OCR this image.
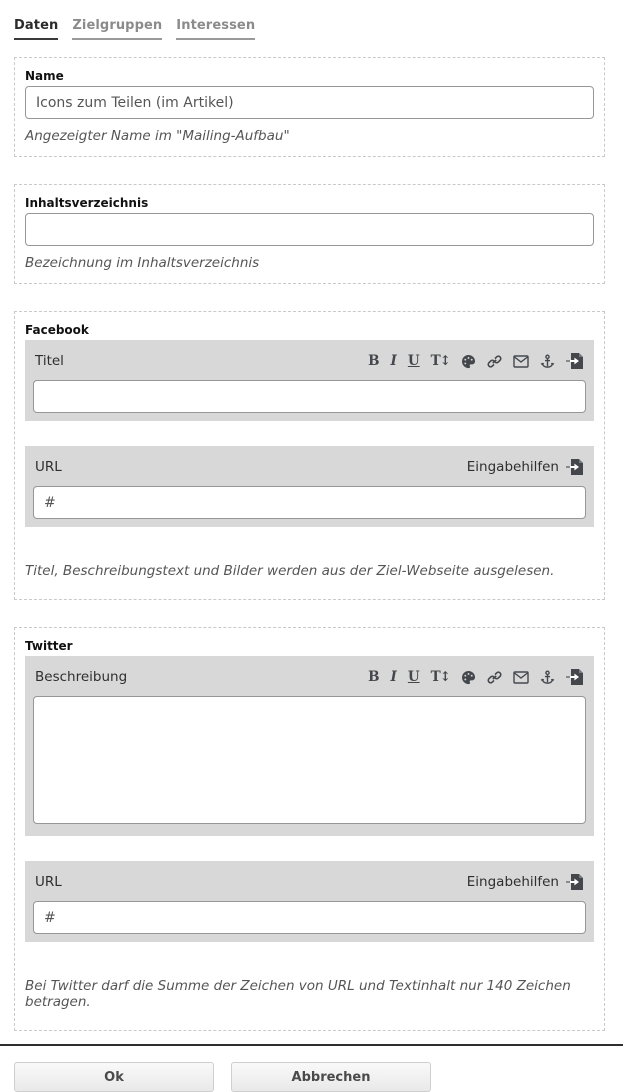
Daten Zielgruppen Interessen
Name
Icons zum Teilen (im Artikel)
Angezeigter Name im "Mailing-Aufbau"
Inhaltsverzeichnis
Bezeichnung im Inhaltsverzeichnis
Facebook
Titel	B I U T↕
URL	Eingabehilfen
#
Titel, Beschreibungstext und Bilder werden aus der Ziel-Webseite ausgelesen.
Twitter
Beschreibung	B I U T↕
URL	Eingabehilfen
#
Bei Twitter darf die Summe der Zeichen von URL und Textinhalt nur 140 Zeichen betragen.
Ok	Abbrechen
